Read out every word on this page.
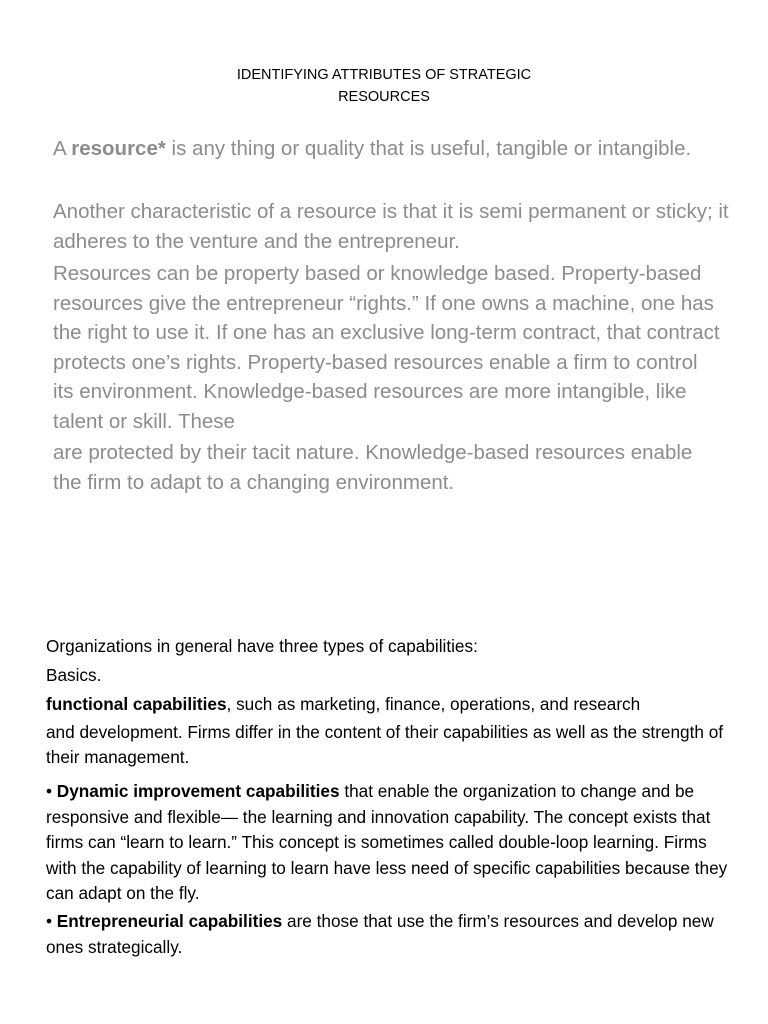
IDENTIFYING ATTRIBUTES OF STRATEGIC
RESOURCES
A resource* is any thing or quality that is useful, tangible or intangible.
Another characteristic of a resource is that it is semi permanent or sticky; it adheres to the venture and the entrepreneur.
Resources can be property based or knowledge based. Property-based resources give the entrepreneur “rights.” If one owns a machine, one has the right to use it. If one has an exclusive long-term contract, that contract protects one’s rights. Property-based resources enable a firm to control its environment. Knowledge-based resources are more intangible, like talent or skill. These
are protected by their tacit nature. Knowledge-based resources enable the firm to adapt to a changing environment.
Organizations in general have three types of capabilities:
Basics.
functional capabilities, such as marketing, finance, operations, and research
and development. Firms differ in the content of their capabilities as well as the strength of their management.
• Dynamic improvement capabilities that enable the organization to change and be responsive and flexible— the learning and innovation capability. The concept exists that firms can “learn to learn.” This concept is sometimes called double-loop learning. Firms with the capability of learning to learn have less need of specific capabilities because they can adapt on the fly.
• Entrepreneurial capabilities are those that use the firm’s resources and develop new ones strategically.
